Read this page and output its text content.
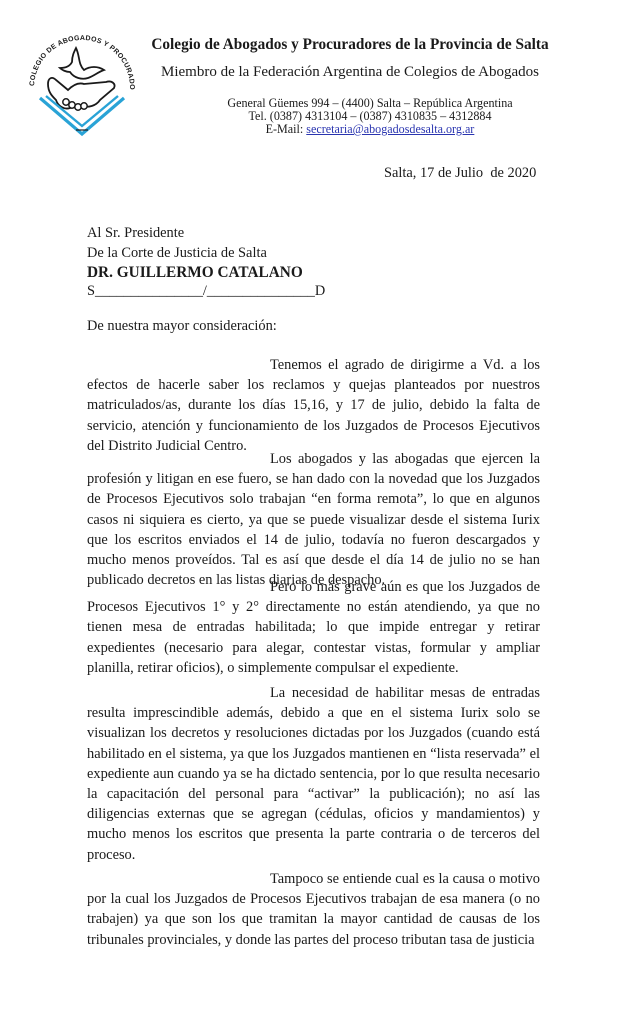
COLEGIO DE ABOGADOS Y PROCURADO
Colegio de Abogados y Procuradores de la Provincia de Salta
Miembro de la Federación Argentina de Colegios de Abogados
General Güemes 994 – (4400) Salta – República Argentina
Tel. (0387) 4313104 – (0387) 4310835 – 4312884
E-Mail: secretaria@abogadosdesalta.org.ar
Salta, 17 de Julio  de 2020
Al Sr. Presidente
De la Corte de Justicia de Salta
DR. GUILLERMO CATALANO
S_______________/_______________D
De nuestra mayor consideración:

Tenemos el agrado de dirigirme a Vd. a los efectos de hacerle saber los reclamos y quejas planteados por nuestros matriculados/as, durante los días 15,16, y 17 de julio, debido la falta de servicio, atención y funcionamiento de los Juzgados de Procesos Ejecutivos del Distrito Judicial Centro.

Los abogados y las abogadas que ejercen la profesión y litigan en ese fuero, se han dado con la novedad que los Juzgados de Procesos Ejecutivos solo trabajan “en forma remota”, lo que en algunos casos ni siquiera es cierto, ya que se puede visualizar desde el sistema Iurix que los escritos enviados el 14 de julio, todavía no fueron descargados y mucho menos proveídos. Tal es así que desde el día 14 de julio no se han publicado decretos en las listas diarias de despacho.

Pero lo más grave aún es que los Juzgados de Procesos Ejecutivos 1° y 2° directamente no están atendiendo, ya que no tienen mesa de entradas habilitada; lo que impide entregar y retirar expedientes (necesario para alegar, contestar vistas, formular y ampliar planilla, retirar oficios), o simplemente compulsar el expediente.

La necesidad de habilitar mesas de entradas resulta imprescindible además, debido a que en el sistema Iurix solo se visualizan los decretos y resoluciones dictadas por los Juzgados (cuando está habilitado en el sistema, ya que los Juzgados mantienen en “lista reservada” el expediente aun cuando ya se ha dictado sentencia, por lo que resulta necesario la capacitación del personal para “activar” la publicación); no así las diligencias externas que se agregan (cédulas, oficios y mandamientos) y mucho menos los escritos que presenta la parte contraria o de terceros del proceso.

Tampoco se entiende cual es la causa o motivo por la cual los Juzgados de Procesos Ejecutivos trabajan de esa manera (o no trabajen) ya que son los que tramitan la mayor cantidad de causas de los tribunales provinciales, y donde las partes del proceso tributan tasa de justicia
